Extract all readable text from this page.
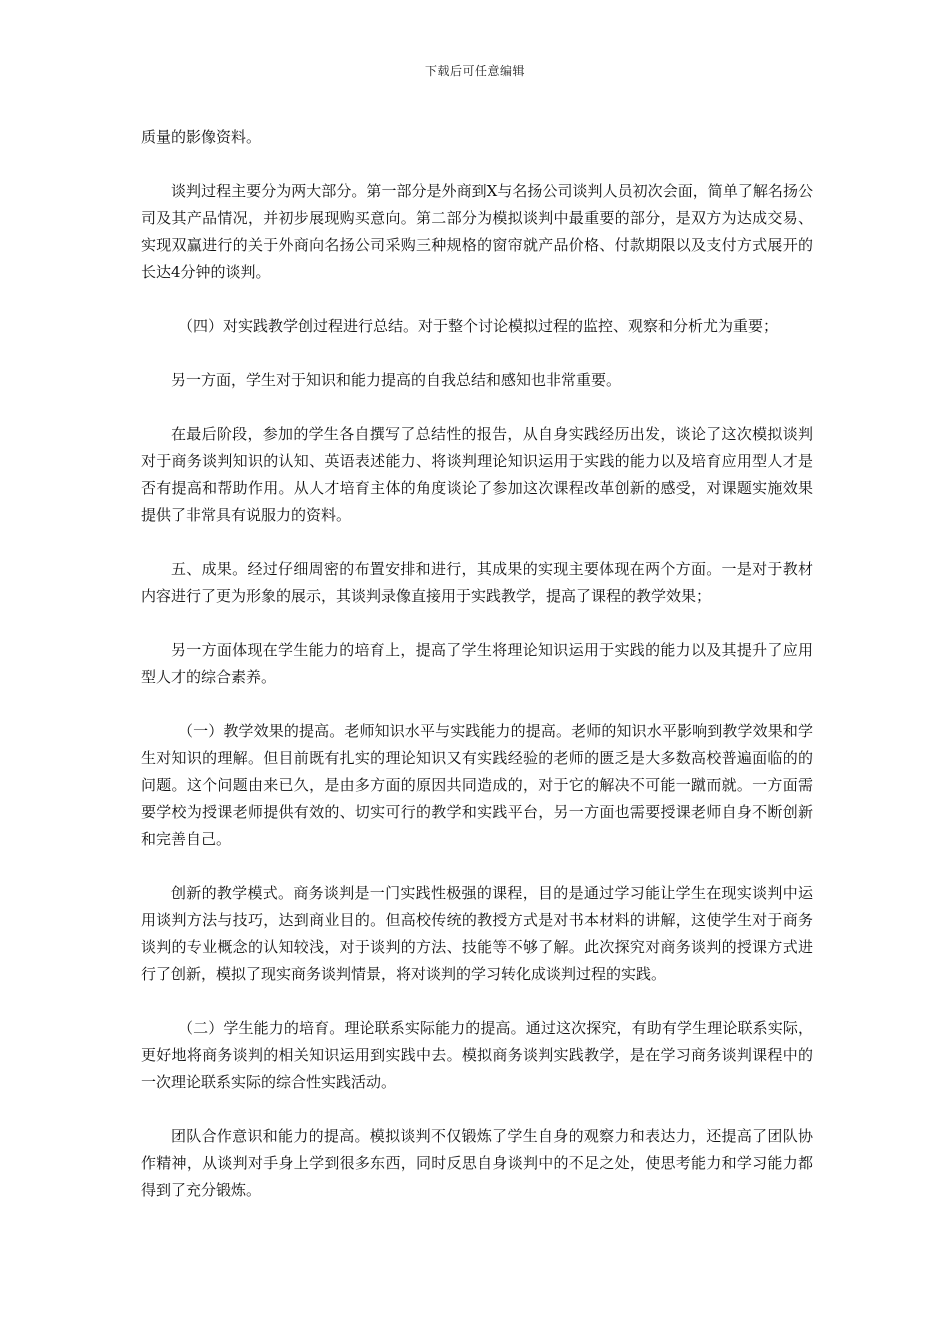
下载后可任意编辑

质量的影像资料。

谈判过程主要分为两大部分。第一部分是外商到X与名扬公司谈判人员初次会面，简单了解名扬公司及其产品情况，并初步展现购买意向。第二部分为模拟谈判中最重要的部分，是双方为达成交易、实现双赢进行的关于外商向名扬公司采购三种规格的窗帘就产品价格、付款期限以及支付方式展开的长达4分钟的谈判。

（四）对实践教学创过程进行总结。对于整个讨论模拟过程的监控、观察和分析尤为重要；

另一方面，学生对于知识和能力提高的自我总结和感知也非常重要。

在最后阶段，参加的学生各自撰写了总结性的报告，从自身实践经历出发，谈论了这次模拟谈判对于商务谈判知识的认知、英语表述能力、将谈判理论知识运用于实践的能力以及培育应用型人才是否有提高和帮助作用。从人才培育主体的角度谈论了参加这次课程改革创新的感受，对课题实施效果提供了非常具有说服力的资料。

五、成果。经过仔细周密的布置安排和进行，其成果的实现主要体现在两个方面。一是对于教材内容进行了更为形象的展示，其谈判录像直接用于实践教学，提高了课程的教学效果；

另一方面体现在学生能力的培育上，提高了学生将理论知识运用于实践的能力以及其提升了应用型人才的综合素养。

（一）教学效果的提高。老师知识水平与实践能力的提高。老师的知识水平影响到教学效果和学生对知识的理解。但目前既有扎实的理论知识又有实践经验的老师的匮乏是大多数高校普遍面临的的问题。这个问题由来已久，是由多方面的原因共同造成的，对于它的解决不可能一蹴而就。一方面需要学校为授课老师提供有效的、切实可行的教学和实践平台，另一方面也需要授课老师自身不断创新和完善自己。

创新的教学模式。商务谈判是一门实践性极强的课程，目的是通过学习能让学生在现实谈判中运用谈判方法与技巧，达到商业目的。但高校传统的教授方式是对书本材料的讲解，这使学生对于商务谈判的专业概念的认知较浅，对于谈判的方法、技能等不够了解。此次探究对商务谈判的授课方式进行了创新，模拟了现实商务谈判情景，将对谈判的学习转化成谈判过程的实践。

（二）学生能力的培育。理论联系实际能力的提高。通过这次探究，有助有学生理论联系实际，更好地将商务谈判的相关知识运用到实践中去。模拟商务谈判实践教学，是在学习商务谈判课程中的一次理论联系实际的综合性实践活动。

团队合作意识和能力的提高。模拟谈判不仅锻炼了学生自身的观察力和表达力，还提高了团队协作精神，从谈判对手身上学到很多东西，同时反思自身谈判中的不足之处，使思考能力和学习能力都得到了充分锻炼。
